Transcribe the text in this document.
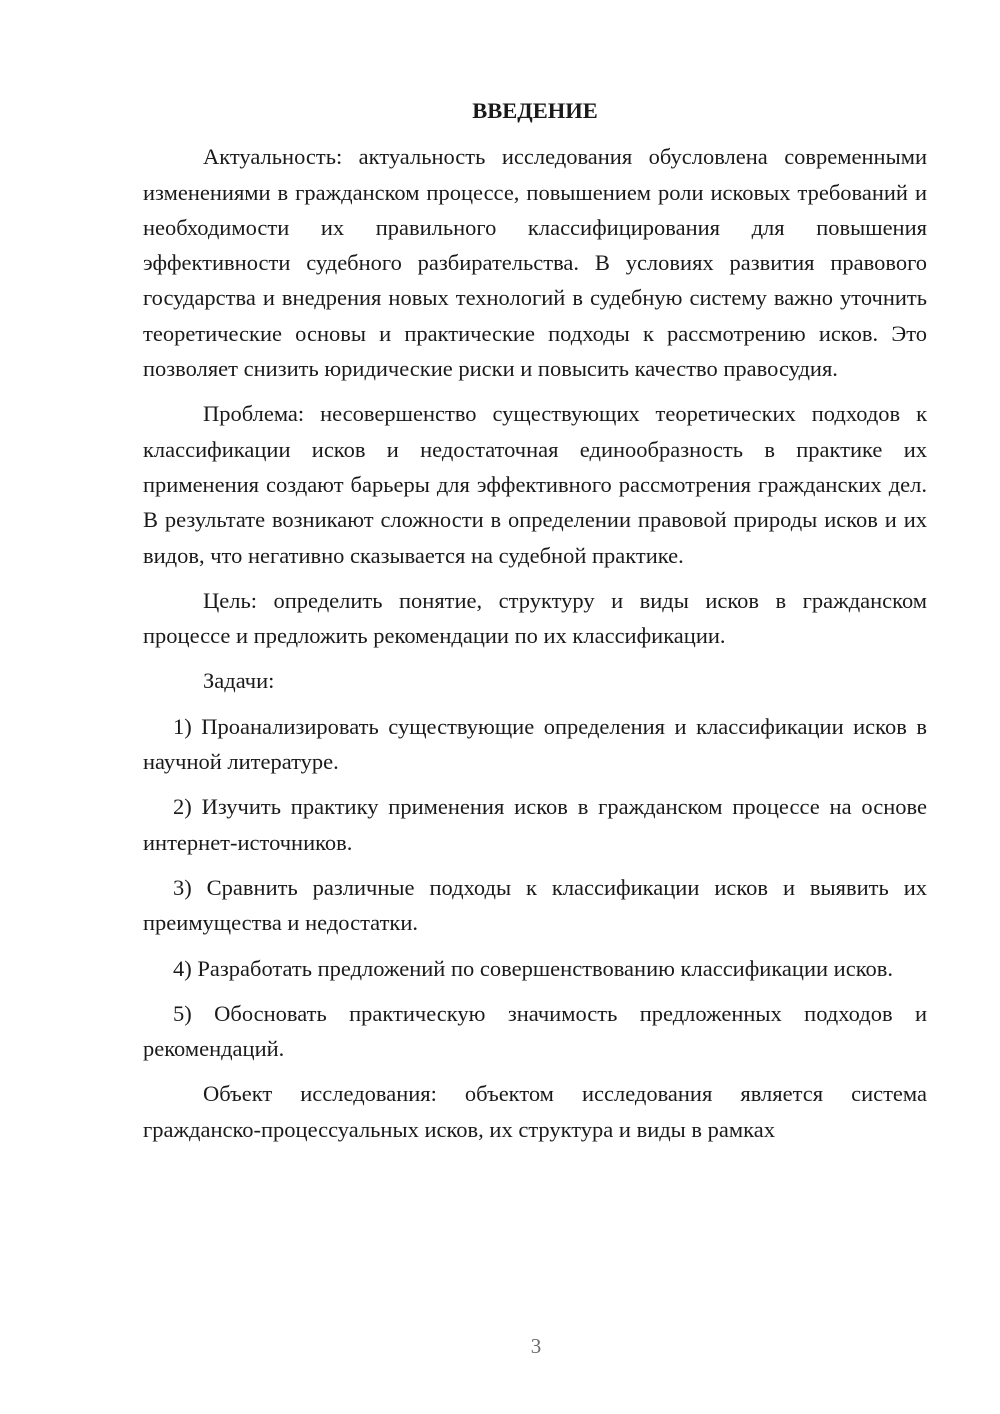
ВВЕДЕНИЕ

Актуальность: актуальность исследования обусловлена современными изменениями в гражданском процессе, повышением роли исковых требований и необходимости их правильного классифицирования для повышения эффективности судебного разбирательства. В условиях развития правового государства и внедрения новых технологий в судебную систему важно уточнить теоретические основы и практические подходы к рассмотрению исков. Это позволяет снизить юридические риски и повысить качество правосудия.

Проблема: несовершенство существующих теоретических подходов к классификации исков и недостаточная единообразность в практике их применения создают барьеры для эффективного рассмотрения гражданских дел. В результате возникают сложности в определении правовой природы исков и их видов, что негативно сказывается на судебной практике.

Цель: определить понятие, структуру и виды исков в гражданском процессе и предложить рекомендации по их классификации.

Задачи:

1) Проанализировать существующие определения и классификации исков в научной литературе.

2) Изучить практику применения исков в гражданском процессе на основе интернет-источников.

3) Сравнить различные подходы к классификации исков и выявить их преимущества и недостатки.

4) Разработать предложений по совершенствованию классификации исков.

5) Обосновать практическую значимость предложенных подходов и рекомендаций.

Объект исследования: объектом исследования является система гражданско-процессуальных исков, их структура и виды в рамках

3
